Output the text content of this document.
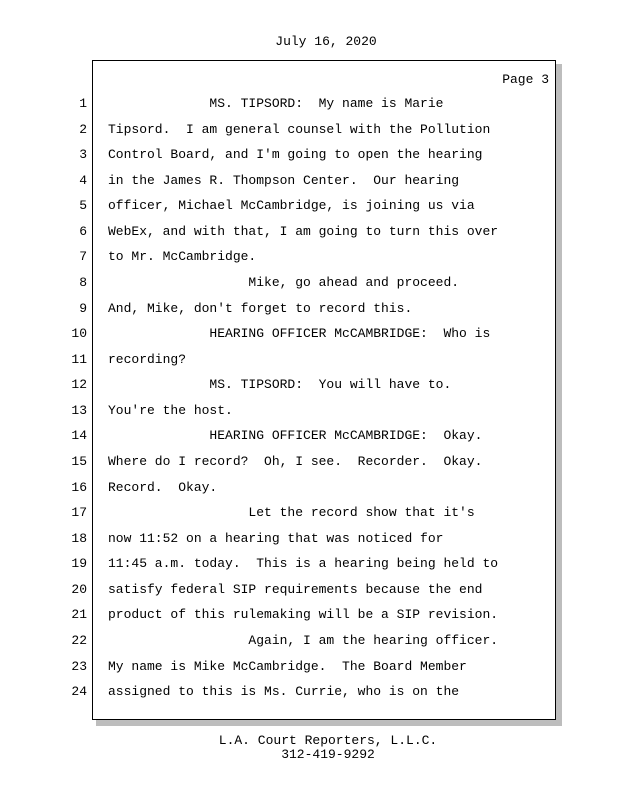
July 16, 2020
Page 3
1 MS. TIPSORD:  My name is Marie
2 Tipsord.  I am general counsel with the Pollution
3 Control Board, and I'm going to open the hearing
4 in the James R. Thompson Center.  Our hearing
5 officer, Michael McCambridge, is joining us via
6 WebEx, and with that, I am going to turn this over
7 to Mr. McCambridge.
8 Mike, go ahead and proceed.
9 And, Mike, don't forget to record this.
10 HEARING OFFICER McCAMBRIDGE:  Who is
11 recording?
12 MS. TIPSORD:  You will have to.
13 You're the host.
14 HEARING OFFICER McCAMBRIDGE:  Okay.
15 Where do I record?  Oh, I see.  Recorder.  Okay.
16 Record.  Okay.
17 Let the record show that it's
18 now 11:52 on a hearing that was noticed for
19 11:45 a.m. today.  This is a hearing being held to
20 satisfy federal SIP requirements because the end
21 product of this rulemaking will be a SIP revision.
22 Again, I am the hearing officer.
23 My name is Mike McCambridge.  The Board Member
24 assigned to this is Ms. Currie, who is on the
L.A. Court Reporters, L.L.C.
312-419-9292
